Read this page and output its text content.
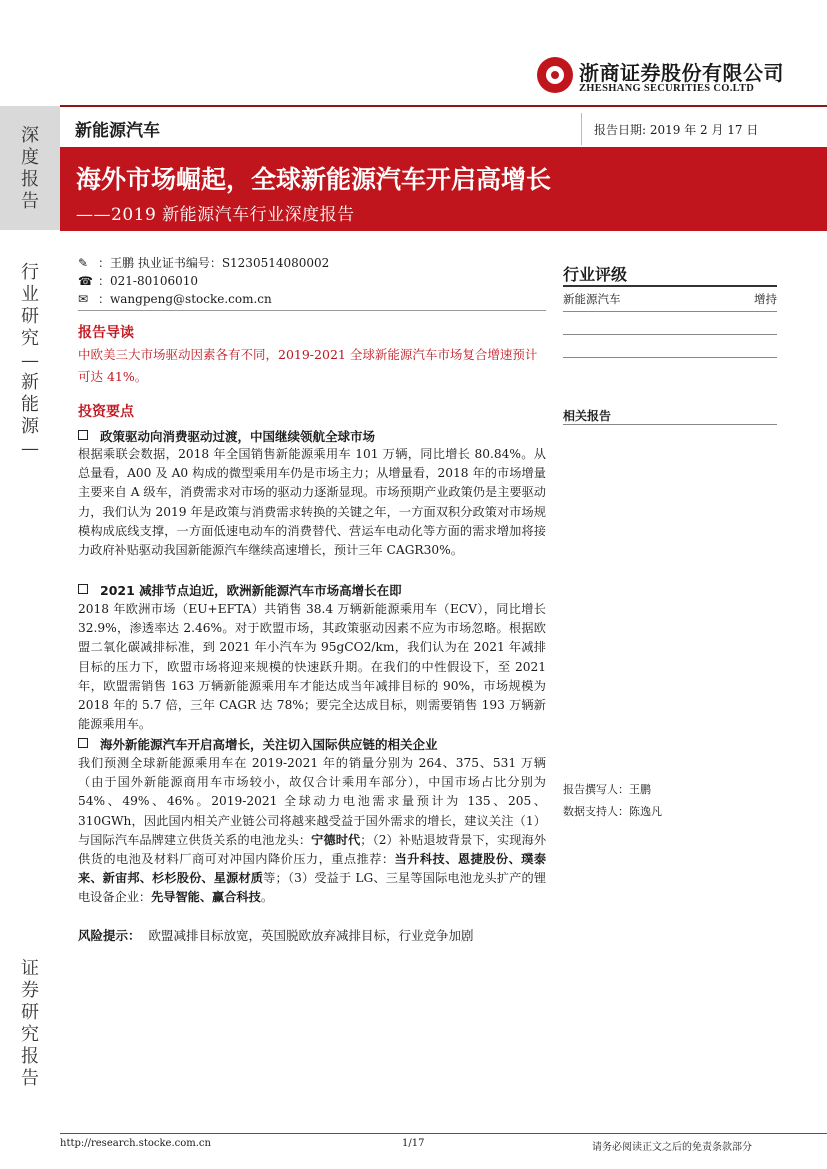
浙商证券股份有限公司
ZHESHANG SECURITIES CO.LTD
深度报告
行业研究—新能源—
证券研究报告
新能源汽车	报告日期: 2019 年 2 月 17 日
海外市场崛起，全球新能源汽车开启高增长
——2019 新能源汽车行业深度报告
✎ ：王鹏 执业证书编号：S1230514080002
☎ ：021-80106010
✉ ：wangpeng@stocke.com.cn
报告导读
中欧美三大市场驱动因素各有不同，2019-2021 全球新能源汽车市场复合增速预计可达 41%。
投资要点
政策驱动向消费驱动过渡，中国继续领航全球市场
根据乘联会数据，2018 年全国销售新能源乘用车 101 万辆，同比增长 80.84%。从总量看，A00 及 A0 构成的微型乘用车仍是市场主力；从增量看，2018 年的市场增量主要来自 A 级车，消费需求对市场的驱动力逐渐显现。市场预期产业政策仍是主要驱动力，我们认为 2019 年是政策与消费需求转换的关键之年，一方面双积分政策对市场规模构成底线支撑，一方面低速电动车的消费替代、营运车电动化等方面的需求增加将接力政府补贴驱动我国新能源汽车继续高速增长，预计三年 CAGR30%。
2021 减排节点迫近，欧洲新能源汽车市场高增长在即
2018 年欧洲市场（EU+EFTA）共销售 38.4 万辆新能源乘用车（ECV），同比增长 32.9%，渗透率达 2.46%。对于欧盟市场，其政策驱动因素不应为市场忽略。根据欧盟二氧化碳减排标准，到 2021 年小汽车为 95gCO2/km，我们认为在 2021 年减排目标的压力下，欧盟市场将迎来规模的快速跃升期。在我们的中性假设下，至 2021 年，欧盟需销售 163 万辆新能源乘用车才能达成当年减排目标的 90%，市场规模为 2018 年的 5.7 倍，三年 CAGR 达 78%；要完全达成目标，则需要销售 193 万辆新能源乘用车。
海外新能源汽车开启高增长，关注切入国际供应链的相关企业
我们预测全球新能源乘用车在 2019-2021 年的销量分别为 264、375、531 万辆（由于国外新能源商用车市场较小，故仅合计乘用车部分），中国市场占比分别为 54%、49%、46%。2019-2021 全球动力电池需求量预计为 135、205、310GWh，因此国内相关产业链公司将越来越受益于国外需求的增长，建议关注（1）与国际汽车品牌建立供货关系的电池龙头：宁德时代；（2）补贴退坡背景下，实现海外供货的电池及材料厂商可对冲国内降价压力，重点推荐：当升科技、恩捷股份、璞泰来、新宙邦、杉杉股份、星源材质等；（3）受益于 LG、三星等国际电池龙头扩产的锂电设备企业：先导智能、赢合科技。
风险提示： 欧盟减排目标放宽，英国脱欧放弃减排目标，行业竞争加剧
行业评级
新能源汽车	增持
相关报告
报告撰写人：王鹏
数据支持人：陈逸凡
http://research.stocke.com.cn	1/17	请务必阅读正文之后的免责条款部分
